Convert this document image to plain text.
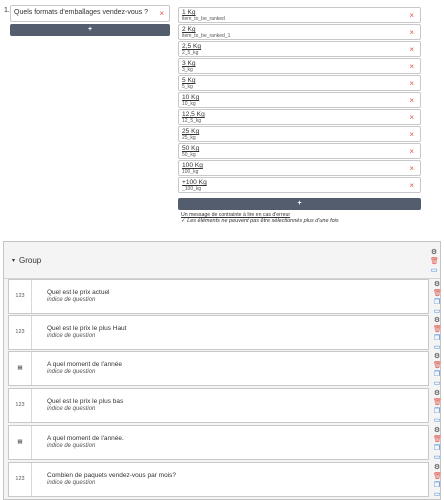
1. Quels formats d'emballages vendez-vous ? ×
+
1 Kg
item_to_be_ranked	×
2 Kg
item_to_be_ranked_1	×
2,5 Kg
2_5_kg	×
3 Kg
3_kg	×
5 Kg
5_kg	×
10 Kg
10_kg	×
12,5 Kg
12_5_kg	×
25 Kg
25_kg	×
50 Kg
50_kg	×
100 Kg
100_kg	×
+100 Kg
_100_kg	×
+
Un message de contrainte à lire en cas d'erreur
✓ Les éléments ne peuvent pas être sélectionnés plus d'une fois
▾ Group
⚙
🗑
▭
123	Quel est le prix actuel
indice de question
⚙
🗑
❐
▭
123	Quel est le prix le plus Haut
indice de question
⚙
🗑
❐
▭
▦	A quel moment de l'année
indice de question
⚙
🗑
❐
▭
123	Quel est le prix le plus bas
indice de question
⚙
🗑
❐
▭
▦	A quel moment de l'année.
indice de question
⚙
🗑
❐
▭
123	Combien de paquets vendez-vous par mois?
indice de question
⚙
🗑
❐
▭
